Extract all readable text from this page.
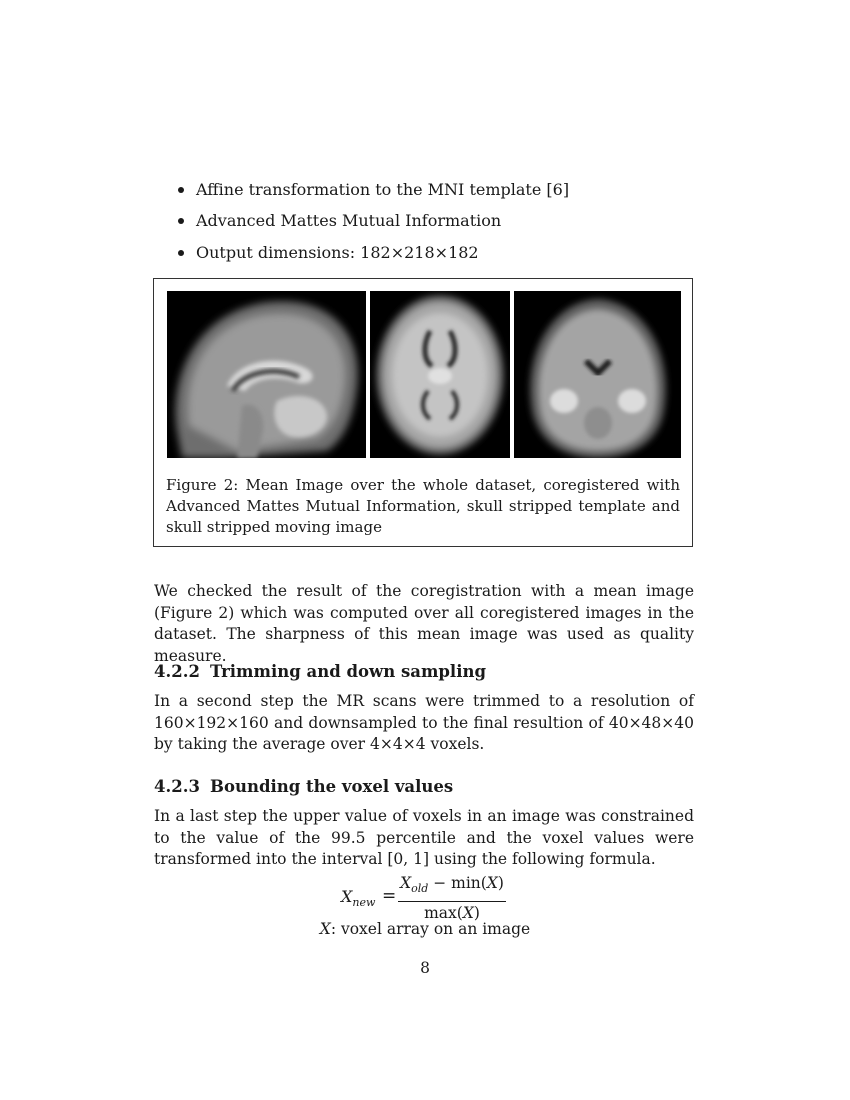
Affine transformation to the MNI template [6]
Advanced Mattes Mutual Information
Output dimensions: 182×218×182
Figure 2: Mean Image over the whole dataset, coregistered with Advanced Mattes Mutual Information, skull stripped template and skull stripped moving image

We checked the result of the coregistration with a mean image (Figure 2) which was computed over all coregistered images in the dataset. The sharpness of this mean image was used as quality measure.

4.2.2 Trimming and down sampling

In a second step the MR scans were trimmed to a resolution of 160×192×160 and downsampled to the final resultion of 40×48×40 by taking the average over 4×4×4 voxels.

4.2.3 Bounding the voxel values

In a last step the upper value of voxels in an image was constrained to the value of the 99.5 percentile and the voxel values were transformed into the interval [0, 1] using the following formula.

$X_{new}$ =
$X_{old} - \min(X)$
max(X)
X: voxel array on an image
8
